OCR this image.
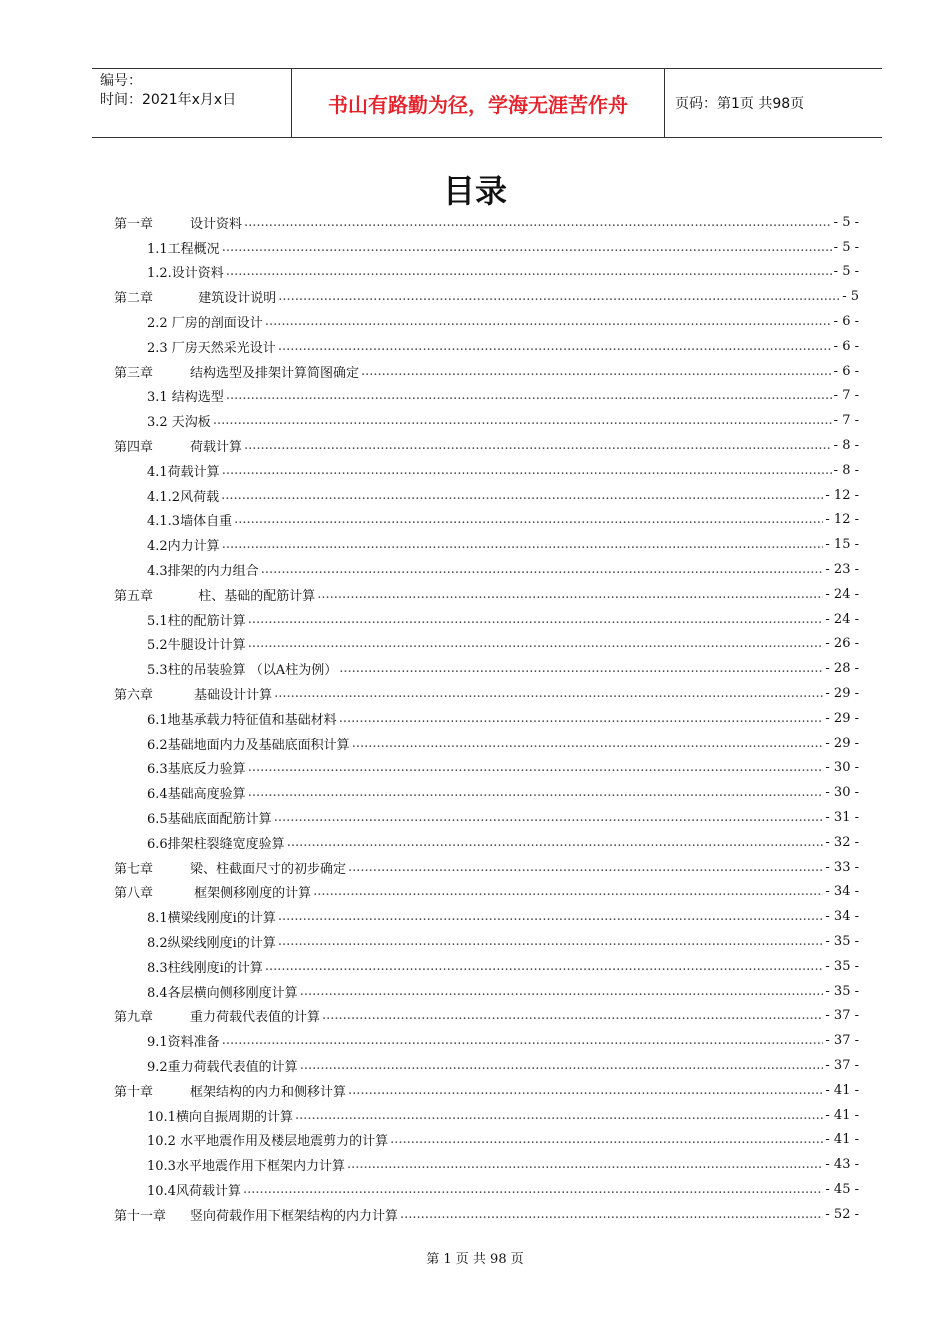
编号：
时间：2021年x月x日	书山有路勤为径，学海无涯苦作舟	页码：第1页 共98页
目录
第一章	设计资料 .....	- 5 -
1.1工程概况 .....	- 5 -
1.2.设计资料 .....	- 5 -
第二章	建筑设计说明 .....	- 5
2.2 厂房的剖面设计 .....	- 6 -
2.3 厂房天然采光设计 .....	- 6 -
第三章	结构选型及排架计算简图确定 .....	- 6 -
3.1 结构选型 .....	- 7 -
3.2 天沟板 .....	- 7 -
第四章	荷载计算 .....	- 8 -
4.1荷载计算 .....	- 8 -
4.1.2风荷载 .....	- 12 -
4.1.3墙体自重 .....	- 12 -
4.2内力计算 .....	- 15 -
4.3排架的内力组合 .....	- 23 -
第五章	柱、基础的配筋计算 .....	- 24 -
5.1柱的配筋计算 .....	- 24 -
5.2牛腿设计计算 .....	- 26 -
5.3柱的吊装验算 （以A柱为例） .....	- 28 -
第六章	基础设计计算 .....	- 29 -
6.1地基承载力特征值和基础材料 .....	- 29 -
6.2基础地面内力及基础底面积计算 .....	- 29 -
6.3基底反力验算 .....	- 30 -
6.4基础高度验算 .....	- 30 -
6.5基础底面配筋计算 .....	- 31 -
6.6排架柱裂缝宽度验算 .....	- 32 -
第七章	梁、柱截面尺寸的初步确定 .....	- 33 -
第八章	框架侧移刚度的计算 .....	- 34 -
8.1横梁线刚度i的计算 .....	- 34 -
8.2纵梁线刚度i的计算 .....	- 35 -
8.3柱线刚度i的计算 .....	- 35 -
8.4各层横向侧移刚度计算 .....	- 35 -
第九章	重力荷载代表值的计算 .....	- 37 -
9.1资料准备 .....	- 37 -
9.2重力荷载代表值的计算 .....	- 37 -
第十章	框架结构的内力和侧移计算 .....	- 41 -
10.1横向自振周期的计算 .....	- 41 -
10.2 水平地震作用及楼层地震剪力的计算 .....	- 41 -
10.3水平地震作用下框架内力计算 .....	- 43 -
10.4风荷载计算 .....	- 45 -
第十一章	竖向荷载作用下框架结构的内力计算 .....	- 52 -
第 1 页 共 98 页
